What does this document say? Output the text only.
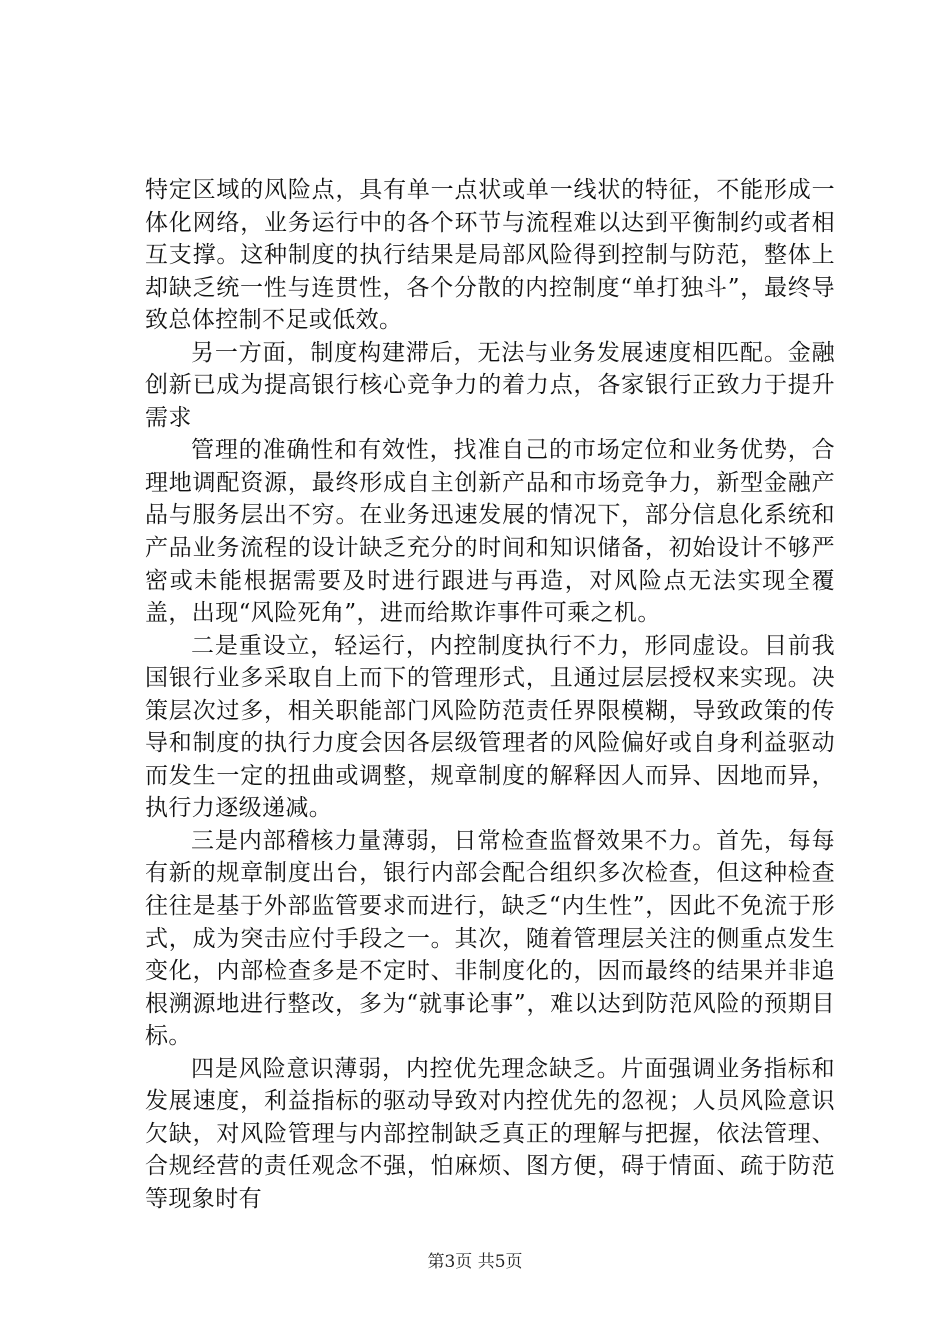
特定区域的风险点，具有单一点状或单一线状的特征，不能形成一体化网络，业务运行中的各个环节与流程难以达到平衡制约或者相互支撑。这种制度的执行结果是局部风险得到控制与防范，整体上却缺乏统一性与连贯性，各个分散的内控制度“单打独斗”，最终导致总体控制不足或低效。

另一方面，制度构建滞后，无法与业务发展速度相匹配。金融创新已成为提高银行核心竞争力的着力点，各家银行正致力于提升需求

管理的准确性和有效性，找准自己的市场定位和业务优势，合理地调配资源，最终形成自主创新产品和市场竞争力，新型金融产品与服务层出不穷。在业务迅速发展的情况下，部分信息化系统和产品业务流程的设计缺乏充分的时间和知识储备，初始设计不够严密或未能根据需要及时进行跟进与再造，对风险点无法实现全覆盖，出现“风险死角”，进而给欺诈事件可乘之机。

二是重设立，轻运行，内控制度执行不力，形同虚设。目前我国银行业多采取自上而下的管理形式，且通过层层授权来实现。决策层次过多，相关职能部门风险防范责任界限模糊，导致政策的传导和制度的执行力度会因各层级管理者的风险偏好或自身利益驱动而发生一定的扭曲或调整，规章制度的解释因人而异、因地而异，执行力逐级递减。

三是内部稽核力量薄弱，日常检查监督效果不力。首先，每每有新的规章制度出台，银行内部会配合组织多次检查，但这种检查往往是基于外部监管要求而进行，缺乏“内生性”，因此不免流于形式，成为突击应付手段之一。其次，随着管理层关注的侧重点发生变化，内部检查多是不定时、非制度化的，因而最终的结果并非追根溯源地进行整改，多为“就事论事”，难以达到防范风险的预期目标。

四是风险意识薄弱，内控优先理念缺乏。片面强调业务指标和发展速度，利益指标的驱动导致对内控优先的忽视；人员风险意识欠缺，对风险管理与内部控制缺乏真正的理解与把握，依法管理、合规经营的责任观念不强，怕麻烦、图方便，碍于情面、疏于防范等现象时有

第3页 共5页
